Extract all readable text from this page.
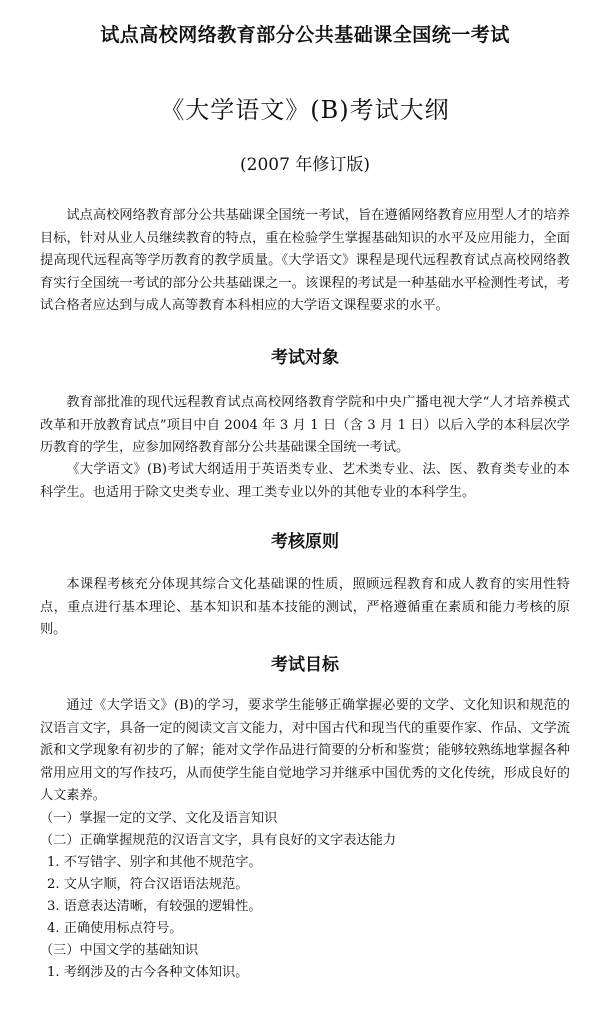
试点高校网络教育部分公共基础课全国统一考试
《大学语文》(B)考试大纲
(2007 年修订版)

试点高校网络教育部分公共基础课全国统一考试，旨在遵循网络教育应用型人才的培养目标，针对从业人员继续教育的特点，重在检验学生掌握基础知识的水平及应用能力，全面提高现代远程高等学历教育的教学质量。《大学语文》课程是现代远程教育试点高校网络教育实行全国统一考试的部分公共基础课之一。该课程的考试是一种基础水平检测性考试，考试合格者应达到与成人高等教育本科相应的大学语文课程要求的水平。

考试对象

教育部批准的现代远程教育试点高校网络教育学院和中央广播电视大学“人才培养模式改革和开放教育试点”项目中自 2004 年 3 月 1 日（含 3 月 1 日）以后入学的本科层次学历教育的学生，应参加网络教育部分公共基础课全国统一考试。

《大学语文》(B)考试大纲适用于英语类专业、艺术类专业、法、医、教育类专业的本科学生。也适用于除文史类专业、理工类专业以外的其他专业的本科学生。

考核原则

本课程考核充分体现其综合文化基础课的性质，照顾远程教育和成人教育的实用性特点，重点进行基本理论、基本知识和基本技能的测试，严格遵循重在素质和能力考核的原则。

考试目标

通过《大学语文》(B)的学习，要求学生能够正确掌握必要的文学、文化知识和规范的汉语言文字，具备一定的阅读文言文能力，对中国古代和现当代的重要作家、作品、文学流派和文学现象有初步的了解；能对文学作品进行简要的分析和鉴赏；能够较熟练地掌握各种常用应用文的写作技巧，从而使学生能自觉地学习并继承中国优秀的文化传统，形成良好的人文素养。

（一）掌握一定的文学、文化及语言知识
（二）正确掌握规范的汉语言文字，具有良好的文字表达能力
1. 不写错字、别字和其他不规范字。
2. 文从字顺，符合汉语语法规范。
3. 语意表达清晰，有较强的逻辑性。
4. 正确使用标点符号。
（三）中国文学的基础知识
1. 考纲涉及的古今各种文体知识。
